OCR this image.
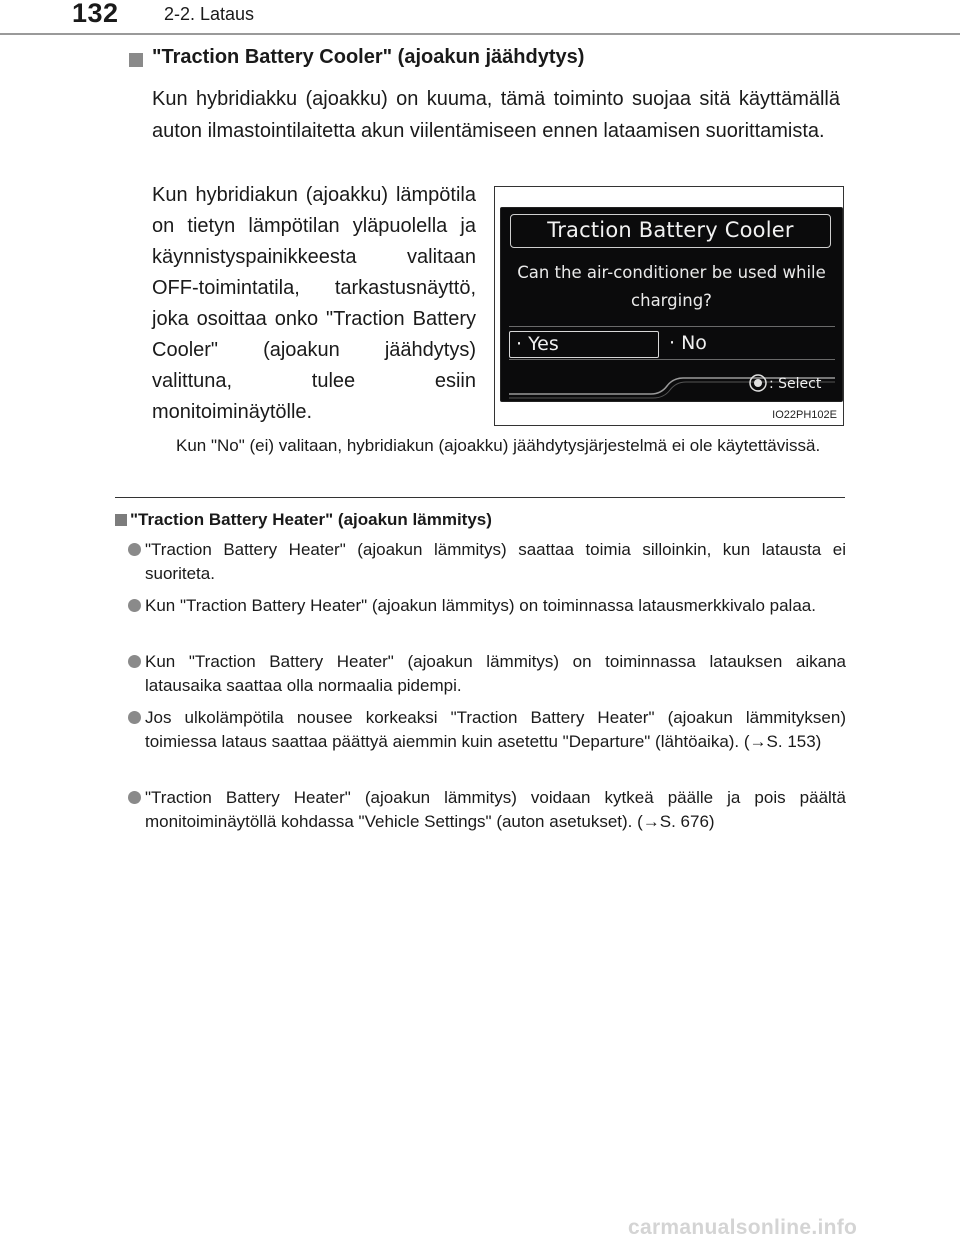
132	2-2. Lataus
"Traction Battery Cooler" (ajoakun jäähdytys)
Kun hybridiakku (ajoakku) on kuuma, tämä toiminto suojaa sitä käyttämällä auton ilmastointilaitetta akun viilentämiseen ennen lataamisen suorittamista.
Kun hybridiakun (ajoakku) lämpötila on tietyn lämpötilan yläpuolella ja käynnistyspainikkeesta valitaan OFF-toimintatila, tarkastusnäyttö, joka osoittaa onko "Traction Battery Cooler" (ajoakun jäähdytys) valittuna, tulee esiin monitoiminäytölle.
Traction Battery Cooler
Can the air-conditioner be used while charging?
· Yes	· No
: Select
IO22PH102E
Kun "No" (ei) valitaan, hybridiakun (ajoakku) jäähdytysjärjestelmä ei ole käytettävissä.
"Traction Battery Heater" (ajoakun lämmitys)
"Traction Battery Heater" (ajoakun lämmitys) saattaa toimia silloinkin, kun latausta ei suoriteta.
Kun "Traction Battery Heater" (ajoakun lämmitys) on toiminnassa latausmerkkivalo palaa.
Kun "Traction Battery Heater" (ajoakun lämmitys) on toiminnassa latauksen aikana latausaika saattaa olla normaalia pidempi.
Jos ulkolämpötila nousee korkeaksi "Traction Battery Heater" (ajoakun lämmityksen) toimiessa lataus saattaa päättyä aiemmin kuin asetettu "Departure" (lähtöaika). (→S. 153)
"Traction Battery Heater" (ajoakun lämmitys) voidaan kytkeä päälle ja pois päältä monitoiminäytöllä kohdassa "Vehicle Settings" (auton asetukset). (→S. 676)
carmanualsonline.info
